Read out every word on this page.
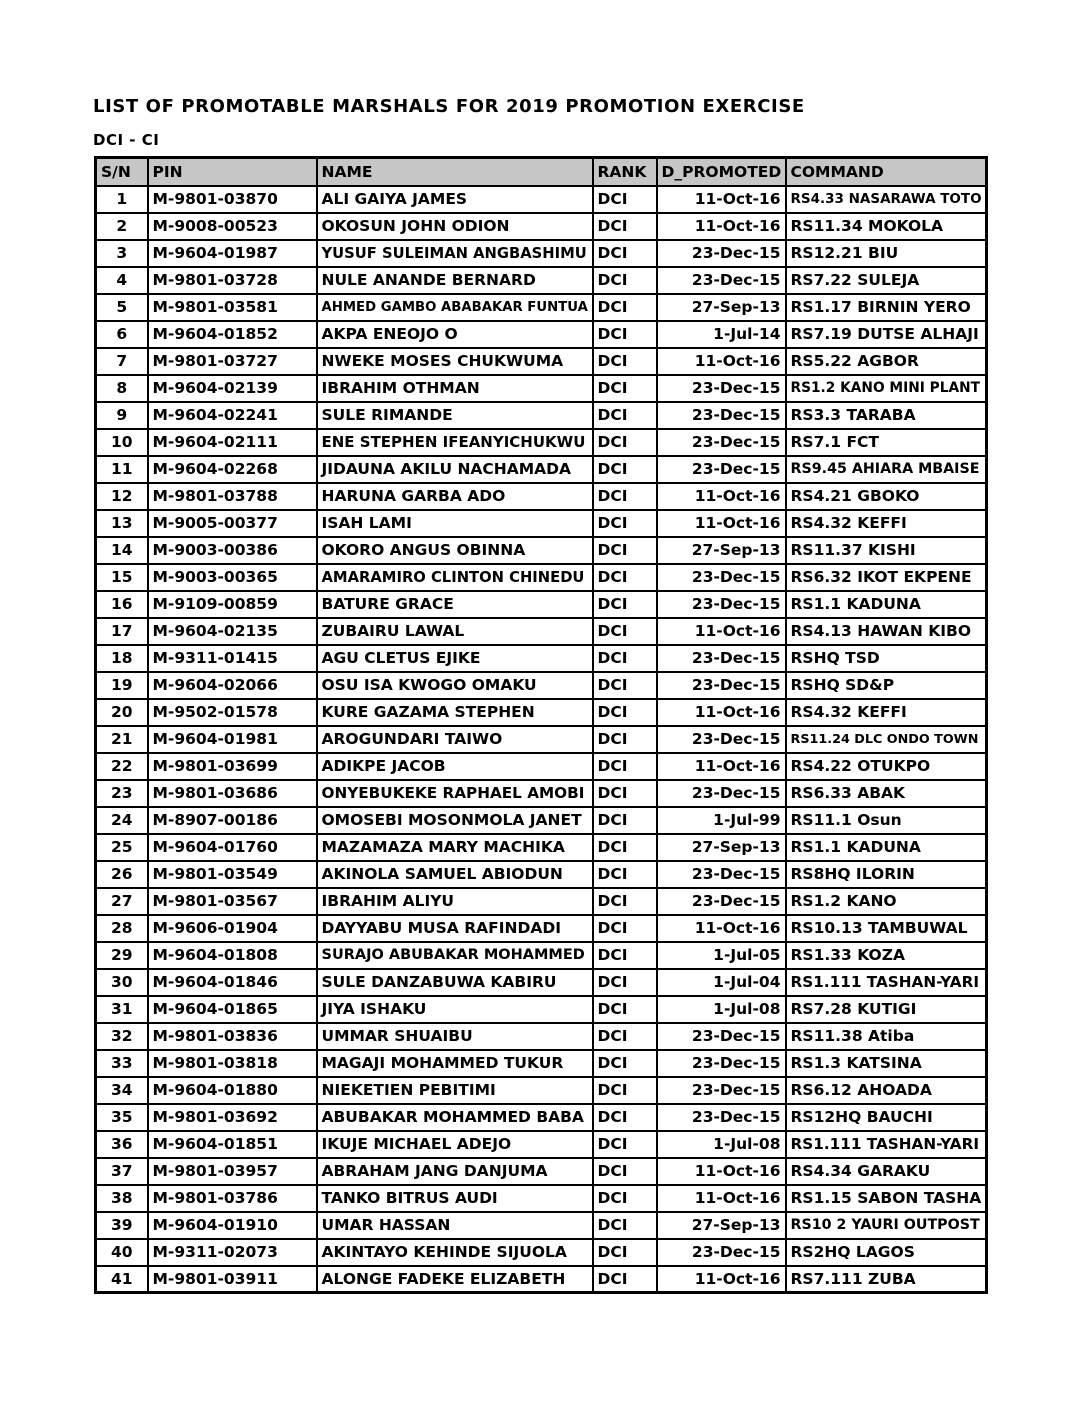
LIST OF PROMOTABLE MARSHALS FOR 2019 PROMOTION EXERCISE
DCI - CI
S/N	PIN	NAME	RANK	D_PROMOTED	COMMAND
1	M-9801-03870	ALI GAIYA JAMES	DCI	11-Oct-16	RS4.33 NASARAWA TOTO
2	M-9008-00523	OKOSUN JOHN ODION	DCI	11-Oct-16	RS11.34 MOKOLA
3	M-9604-01987	YUSUF SULEIMAN ANGBASHIMU	DCI	23-Dec-15	RS12.21 BIU
4	M-9801-03728	NULE ANANDE BERNARD	DCI	23-Dec-15	RS7.22 SULEJA
5	M-9801-03581	AHMED GAMBO ABABAKAR FUNTUA	DCI	27-Sep-13	RS1.17 BIRNIN YERO
6	M-9604-01852	AKPA ENEOJO O	DCI	1-Jul-14	RS7.19 DUTSE ALHAJI
7	M-9801-03727	NWEKE MOSES CHUKWUMA	DCI	11-Oct-16	RS5.22 AGBOR
8	M-9604-02139	IBRAHIM OTHMAN	DCI	23-Dec-15	RS1.2 KANO MINI PLANT
9	M-9604-02241	SULE RIMANDE	DCI	23-Dec-15	RS3.3 TARABA
10	M-9604-02111	ENE STEPHEN IFEANYICHUKWU	DCI	23-Dec-15	RS7.1 FCT
11	M-9604-02268	JIDAUNA AKILU NACHAMADA	DCI	23-Dec-15	RS9.45 AHIARA MBAISE
12	M-9801-03788	HARUNA GARBA ADO	DCI	11-Oct-16	RS4.21 GBOKO
13	M-9005-00377	ISAH LAMI	DCI	11-Oct-16	RS4.32 KEFFI
14	M-9003-00386	OKORO ANGUS OBINNA	DCI	27-Sep-13	RS11.37 KISHI
15	M-9003-00365	AMARAMIRO CLINTON CHINEDU	DCI	23-Dec-15	RS6.32 IKOT EKPENE
16	M-9109-00859	BATURE GRACE	DCI	23-Dec-15	RS1.1 KADUNA
17	M-9604-02135	ZUBAIRU LAWAL	DCI	11-Oct-16	RS4.13 HAWAN KIBO
18	M-9311-01415	AGU CLETUS EJIKE	DCI	23-Dec-15	RSHQ TSD
19	M-9604-02066	OSU ISA KWOGO OMAKU	DCI	23-Dec-15	RSHQ SD&P
20	M-9502-01578	KURE GAZAMA STEPHEN	DCI	11-Oct-16	RS4.32 KEFFI
21	M-9604-01981	AROGUNDARI TAIWO	DCI	23-Dec-15	RS11.24 DLC ONDO TOWN
22	M-9801-03699	ADIKPE JACOB	DCI	11-Oct-16	RS4.22 OTUKPO
23	M-9801-03686	ONYEBUKEKE RAPHAEL AMOBI	DCI	23-Dec-15	RS6.33 ABAK
24	M-8907-00186	OMOSEBI MOSONMOLA JANET	DCI	1-Jul-99	RS11.1 Osun
25	M-9604-01760	MAZAMAZA MARY MACHIKA	DCI	27-Sep-13	RS1.1 KADUNA
26	M-9801-03549	AKINOLA SAMUEL ABIODUN	DCI	23-Dec-15	RS8HQ ILORIN
27	M-9801-03567	IBRAHIM ALIYU	DCI	23-Dec-15	RS1.2 KANO
28	M-9606-01904	DAYYABU MUSA RAFINDADI	DCI	11-Oct-16	RS10.13 TAMBUWAL
29	M-9604-01808	SURAJO ABUBAKAR MOHAMMED	DCI	1-Jul-05	RS1.33 KOZA
30	M-9604-01846	SULE DANZABUWA KABIRU	DCI	1-Jul-04	RS1.111 TASHAN-YARI
31	M-9604-01865	JIYA ISHAKU	DCI	1-Jul-08	RS7.28 KUTIGI
32	M-9801-03836	UMMAR SHUAIBU	DCI	23-Dec-15	RS11.38 Atiba
33	M-9801-03818	MAGAJI MOHAMMED TUKUR	DCI	23-Dec-15	RS1.3 KATSINA
34	M-9604-01880	NIEKETIEN PEBITIMI	DCI	23-Dec-15	RS6.12 AHOADA
35	M-9801-03692	ABUBAKAR MOHAMMED BABA	DCI	23-Dec-15	RS12HQ BAUCHI
36	M-9604-01851	IKUJE MICHAEL ADEJO	DCI	1-Jul-08	RS1.111 TASHAN-YARI
37	M-9801-03957	ABRAHAM JANG DANJUMA	DCI	11-Oct-16	RS4.34 GARAKU
38	M-9801-03786	TANKO BITRUS AUDI	DCI	11-Oct-16	RS1.15 SABON TASHA
39	M-9604-01910	UMAR HASSAN	DCI	27-Sep-13	RS10 2 YAURI OUTPOST
40	M-9311-02073	AKINTAYO KEHINDE SIJUOLA	DCI	23-Dec-15	RS2HQ LAGOS
41	M-9801-03911	ALONGE FADEKE ELIZABETH	DCI	11-Oct-16	RS7.111 ZUBA
